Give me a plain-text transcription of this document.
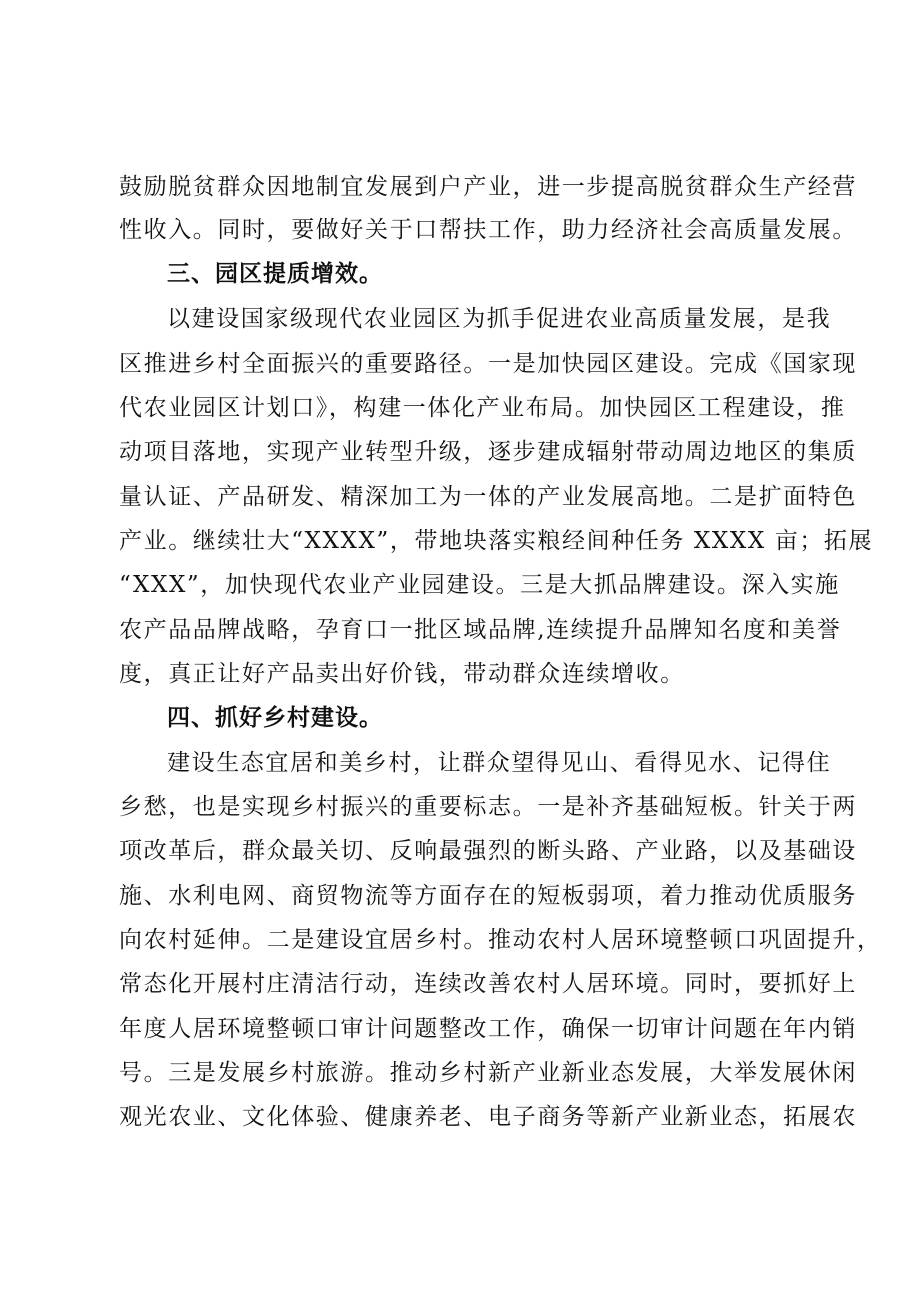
鼓励脱贫群众因地制宜发展到户产业，进一步提高脱贫群众生产经营
性收入。同时，要做好关于口帮扶工作，助力经济社会高质量发展。
三、园区提质增效。
以建设国家级现代农业园区为抓手促进农业高质量发展，是我
区推进乡村全面振兴的重要路径。一是加快园区建设。完成《国家现
代农业园区计划口》，构建一体化产业布局。加快园区工程建设，推
动项目落地，实现产业转型升级，逐步建成辐射带动周边地区的集质
量认证、产品研发、精深加工为一体的产业发展高地。二是扩面特色
产业。继续壮大“XXXX”，带地块落实粮经间种任务 XXXX 亩；拓展
“XXX”，加快现代农业产业园建设。三是大抓品牌建设。深入实施
农产品品牌战略，孕育口一批区域品牌,连续提升品牌知名度和美誉
度，真正让好产品卖出好价钱，带动群众连续增收。
四、抓好乡村建设。
建设生态宜居和美乡村，让群众望得见山、看得见水、记得住
乡愁，也是实现乡村振兴的重要标志。一是补齐基础短板。针关于两
项改革后，群众最关切、反响最强烈的断头路、产业路，以及基础设
施、水利电网、商贸物流等方面存在的短板弱项，着力推动优质服务
向农村延伸。二是建设宜居乡村。推动农村人居环境整顿口巩固提升，
常态化开展村庄清洁行动，连续改善农村人居环境。同时，要抓好上
年度人居环境整顿口审计问题整改工作，确保一切审计问题在年内销
号。三是发展乡村旅游。推动乡村新产业新业态发展，大举发展休闲
观光农业、文化体验、健康养老、电子商务等新产业新业态，拓展农
